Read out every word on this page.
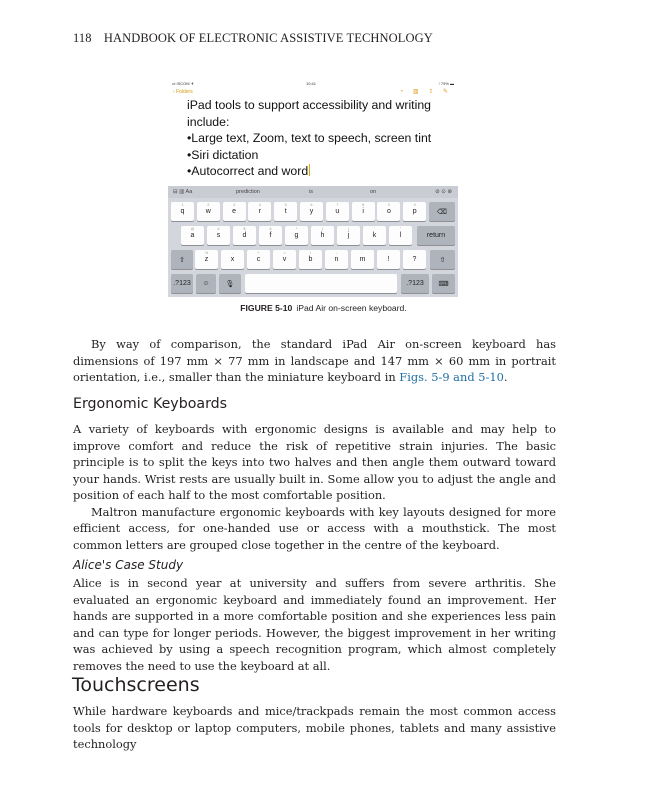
118 HANDBOOK OF ELECTRONIC ASSISTIVE TECHNOLOGY
•ıl ISCOM ✈	10:41	⁝ 79% ▬
‹ Folders	◔ ▥ ⇪ ✎

iPad tools to support accessibility and writing include:

•Large text, Zoom, text to speech, screen tint

•Siri dictation

•Autocorrect and word

⊟ ▥ Aa	prediction	is	on	⊘ ⊙ ⊗
1
q
2
w
3
e
4
r
5
t
6
y
7
u
8
i
9
o
0
p	⌫
@
a
#
s
$
d
&
f
*
g
(
h
)
j
'
k
"
l	return
⇧
%
z
-
x
+
c
=
v
/
b
;
n
:
m
,
!
.
?	⇧
.?123 ☺ 🎙	.?123 ⌨
FIGURE 5-10 iPad Air on-screen keyboard.

By way of comparison, the standard iPad Air on-screen keyboard has dimensions of 197 mm × 77 mm in landscape and 147 mm × 60 mm in portrait orientation, i.e., smaller than the miniature keyboard in Figs. 5-9 and 5-10.

Ergonomic Keyboards

A variety of keyboards with ergonomic designs is available and may help to improve comfort and reduce the risk of repetitive strain injuries. The basic principle is to split the keys into two halves and then angle them outward toward your hands. Wrist rests are usually built in. Some allow you to adjust the angle and position of each half to the most comfortable position.

Maltron manufacture ergonomic keyboards with key layouts designed for more efficient access, for one-handed use or access with a mouthstick. The most common letters are grouped close together in the centre of the keyboard.

Alice's Case Study

Alice is in second year at university and suffers from severe arthritis. She evaluated an ergonomic keyboard and immediately found an improvement. Her hands are supported in a more comfortable position and she experiences less pain and can type for longer periods. However, the biggest improvement in her writing was achieved by using a speech recognition program, which almost completely removes the need to use the keyboard at all.

Touchscreens

While hardware keyboards and mice/trackpads remain the most common access tools for desktop or laptop computers, mobile phones, tablets and many assistive technology
